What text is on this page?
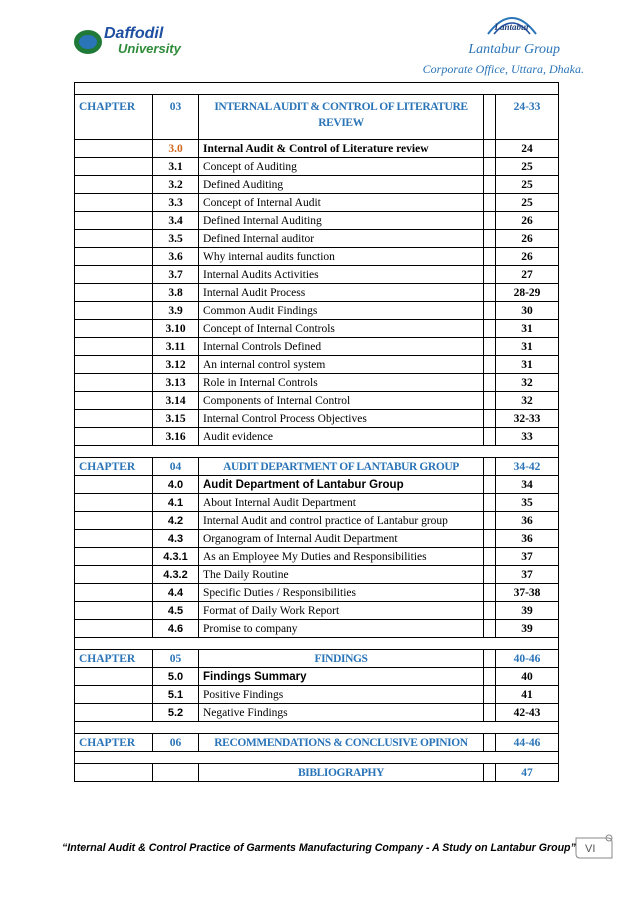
Daffodil
University
Lantabur
Lantabur Group
Corporate Office, Uttara, Dhaka.

CHAPTER	03	INTERNAL AUDIT & CONTROL OF LITERATURE REVIEW		24-33
	3.0	Internal Audit & Control of Literature review		24
	3.1	Concept of Auditing		25
	3.2	Defined Auditing		25
	3.3	Concept of Internal Audit		25
	3.4	Defined Internal Auditing		26
	3.5	Defined Internal auditor		26
	3.6	Why internal audits function		26
	3.7	Internal Audits Activities		27
	3.8	Internal Audit Process		28-29
	3.9	Common Audit Findings		30
	3.10	Concept of Internal Controls		31
	3.11	Internal Controls Defined		31
	3.12	An internal control system		31
	3.13	Role in Internal Controls		32
	3.14	Components of Internal Control		32
	3.15	Internal Control Process Objectives		32-33
	3.16	Audit evidence		33

CHAPTER	04	AUDIT DEPARTMENT OF LANTABUR GROUP		34-42
	4.0	Audit Department of Lantabur Group		34
	4.1	About Internal Audit Department		35
	4.2	Internal Audit and control practice of Lantabur group		36
	4.3	Organogram of Internal Audit Department		36
	4.3.1	As an Employee My Duties and Responsibilities		37
	4.3.2	The Daily Routine		37
	4.4	Specific Duties / Responsibilities		37-38
	4.5	Format of Daily Work Report		39
	4.6	Promise to company		39

CHAPTER	05	FINDINGS		40-46
	5.0	Findings Summary		40
	5.1	Positive Findings		41
	5.2	Negative Findings		42-43

CHAPTER	06	RECOMMENDATIONS & CONCLUSIVE OPINION		44-46

		BIBLIOGRAPHY		47
“Internal Audit & Control Practice of Garments Manufacturing Company - A Study on Lantabur Group” VI
